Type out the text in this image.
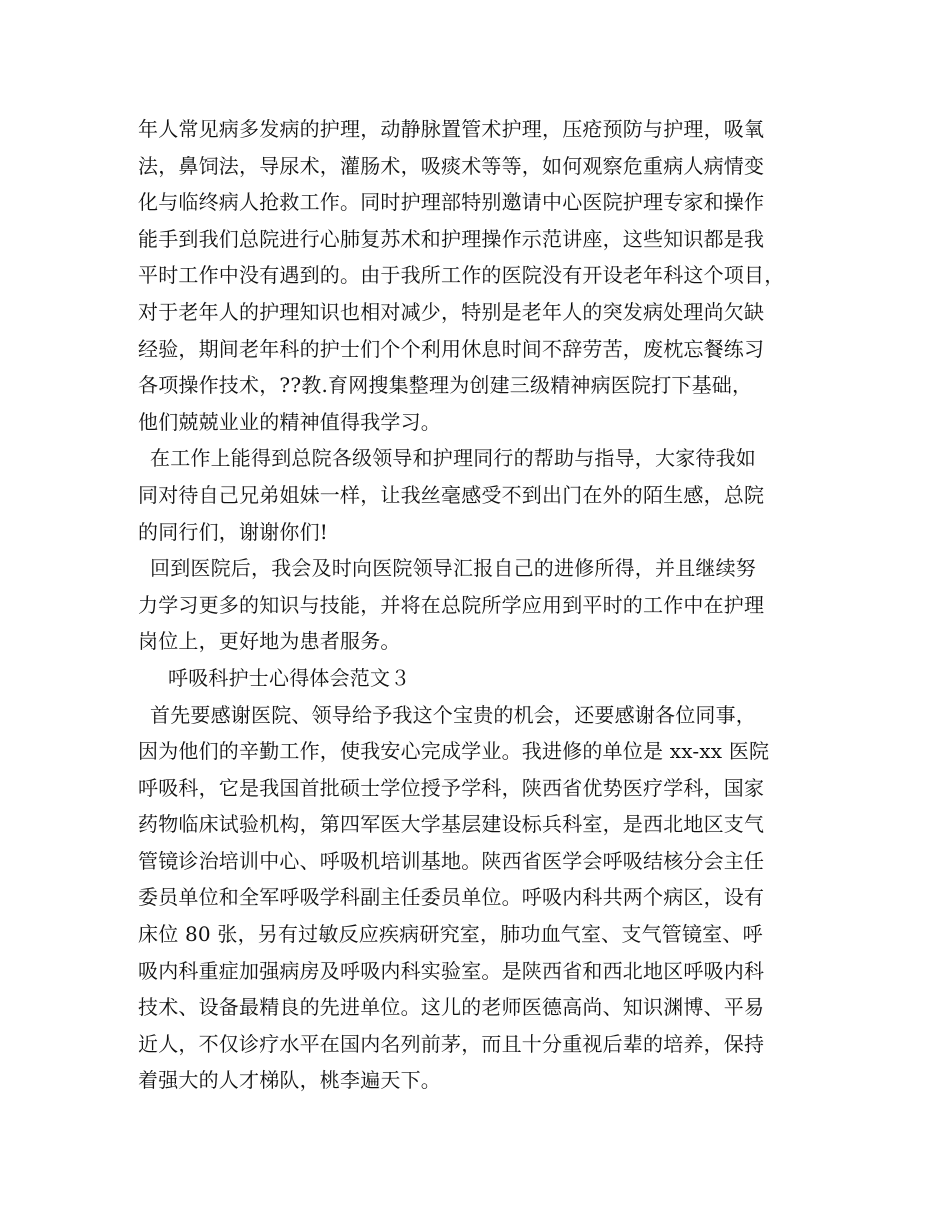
年人常见病多发病的护理，动静脉置管术护理，压疮预防与护理，吸氧
法，鼻饲法，导尿术，灌肠术，吸痰术等等，如何观察危重病人病情变
化与临终病人抢救工作。同时护理部特别邀请中心医院护理专家和操作
能手到我们总院进行心肺复苏术和护理操作示范讲座，这些知识都是我
平时工作中没有遇到的。由于我所工作的医院没有开设老年科这个项目，
对于老年人的护理知识也相对减少，特别是老年人的突发病处理尚欠缺
经验，期间老年科的护士们个个利用休息时间不辞劳苦，废枕忘餐练习
各项操作技术，??教.育网搜集整理为创建三级精神病医院打下基础，
他们兢兢业业的精神值得我学习。
在工作上能得到总院各级领导和护理同行的帮助与指导，大家待我如
同对待自己兄弟姐妹一样，让我丝毫感受不到出门在外的陌生感，总院
的同行们，谢谢你们!
回到医院后，我会及时向医院领导汇报自己的进修所得，并且继续努
力学习更多的知识与技能，并将在总院所学应用到平时的工作中在护理
岗位上，更好地为患者服务。
呼吸科护士心得体会范文３
首先要感谢医院、领导给予我这个宝贵的机会，还要感谢各位同事，
因为他们的辛勤工作，使我安心完成学业。我进修的单位是 xx-xx 医院
呼吸科，它是我国首批硕士学位授予学科，陕西省优势医疗学科，国家
药物临床试验机构，第四军医大学基层建设标兵科室，是西北地区支气
管镜诊治培训中心、呼吸机培训基地。陕西省医学会呼吸结核分会主任
委员单位和全军呼吸学科副主任委员单位。呼吸内科共两个病区，设有
床位 80 张，另有过敏反应疾病研究室，肺功血气室、支气管镜室、呼
吸内科重症加强病房及呼吸内科实验室。是陕西省和西北地区呼吸内科
技术、设备最精良的先进单位。这儿的老师医德高尚、知识渊博、平易
近人，不仅诊疗水平在国内名列前茅，而且十分重视后辈的培养，保持
着强大的人才梯队，桃李遍天下。
